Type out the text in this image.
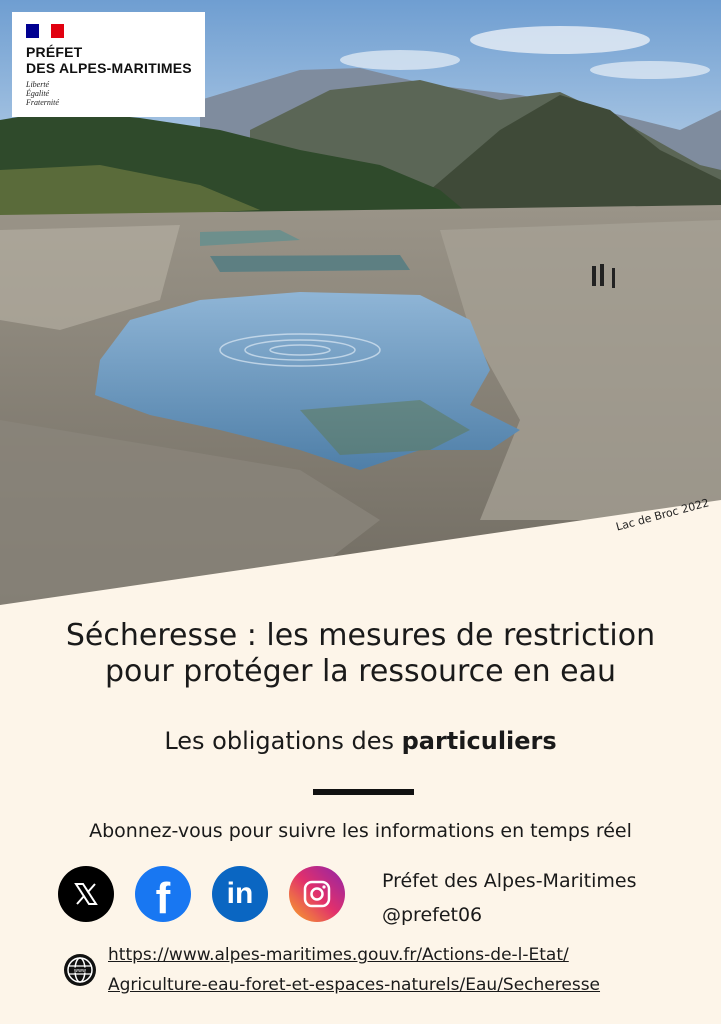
Lac de Broc 2022
PRÉFET
DES ALPES-MARITIMES
Liberté
Égalité
Fraternité
Sécheresse : les mesures de restriction
pour protéger la ressource en eau
Les obligations des particuliers
Abonnez-vous pour suivre les informations en temps réel
f in	Préfet des Alpes-Maritimes
@prefet06
www
https://www.alpes-maritimes.gouv.fr/Actions-de-l-Etat/
Agriculture-eau-foret-et-espaces-naturels/Eau/Secheresse
